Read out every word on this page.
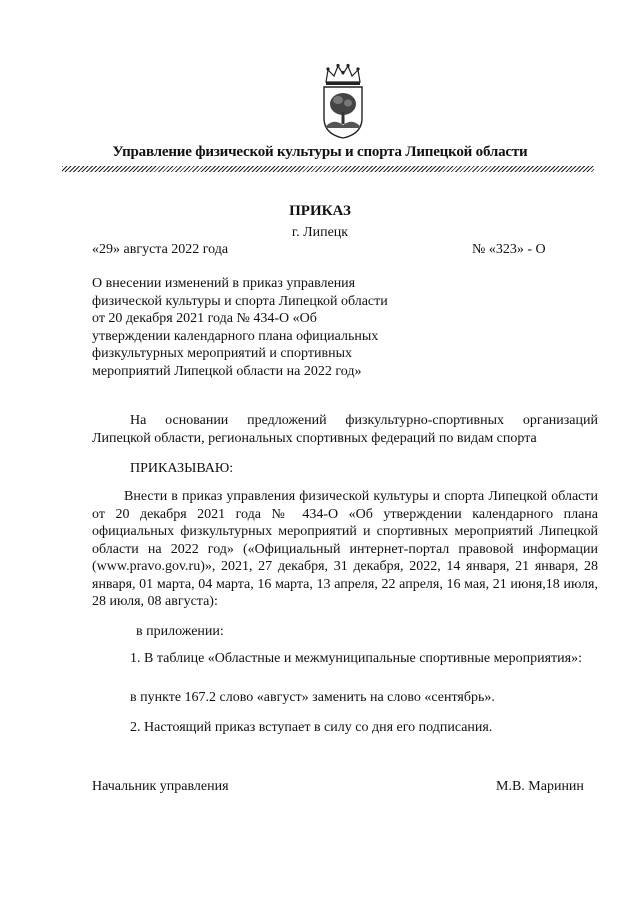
Управление физической культуры и спорта Липецкой области
ПРИКАЗ
г. Липецк
«29» августа 2022 года	№ «323» - О
О внесении изменений в приказ управления физической культуры и спорта Липецкой области от 20 декабря 2021 года № 434-О «Об утверждении календарного плана официальных физкультурных мероприятий и спортивных мероприятий Липецкой области на 2022 год»
На основании предложений физкультурно-спортивных организаций Липецкой области, региональных спортивных федераций по видам спорта
ПРИКАЗЫВАЮ:
Внести в приказ управления физической культуры и спорта Липецкой области от 20 декабря 2021 года № 434-О «Об утверждении календарного плана официальных физкультурных мероприятий и спортивных мероприятий Липецкой области на 2022 год» («Официальный интернет-портал правовой информации (www.pravo.gov.ru)», 2021, 27 декабря, 31 декабря, 2022, 14 января, 21 января, 28 января, 01 марта, 04 марта, 16 марта, 13 апреля, 22 апреля, 16 мая, 21 июня,18 июля, 28 июля, 08 августа):
в приложении:
1. В таблице «Областные и межмуниципальные спортивные мероприятия»:
в пункте 167.2 слово «август» заменить на слово «сентябрь».
2. Настоящий приказ вступает в силу со дня его подписания.
Начальник управления	М.В. Маринин
